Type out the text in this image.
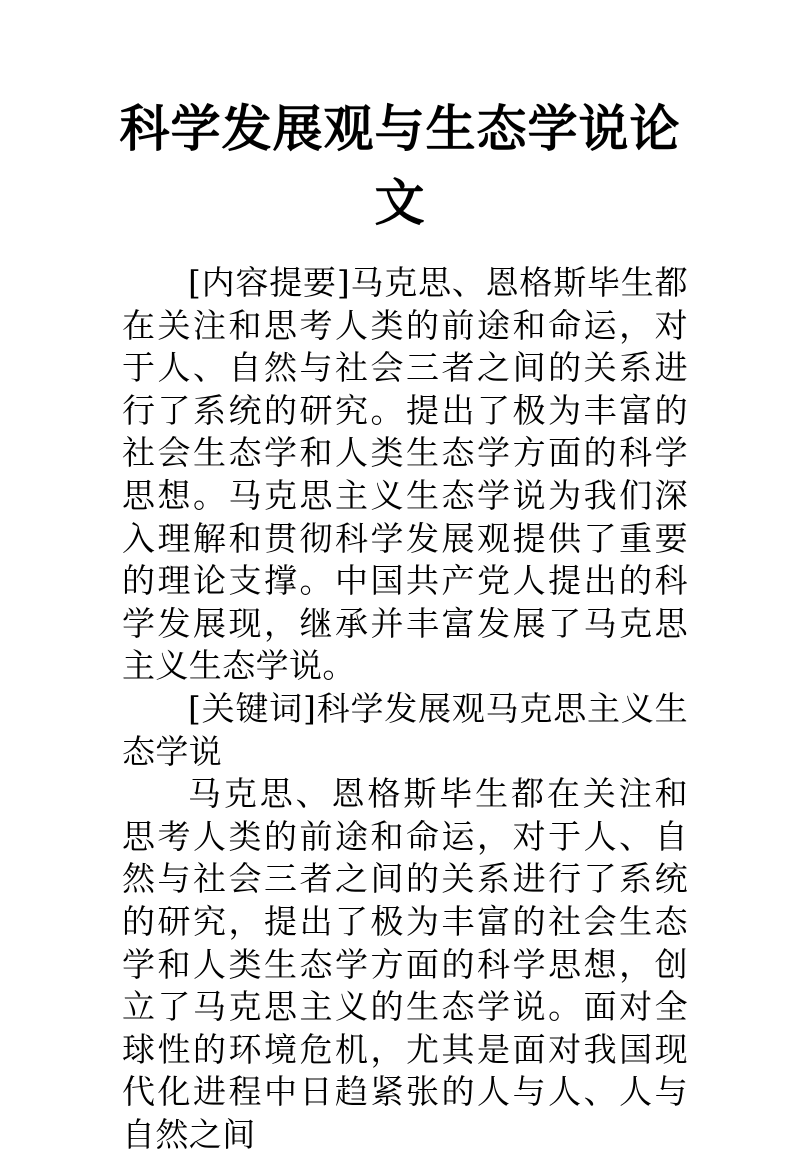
科学发展观与生态学说论文

[内容提要]马克思、恩格斯毕生都在关注和思考人类的前途和命运，对于人、自然与社会三者之间的关系进行了系统的研究。提出了极为丰富的社会生态学和人类生态学方面的科学思想。马克思主义生态学说为我们深入理解和贯彻科学发展观提供了重要的理论支撑。中国共产党人提出的科学发展现，继承并丰富发展了马克思主义生态学说。

[关键词]科学发展观马克思主义生态学说

马克思、恩格斯毕生都在关注和思考人类的前途和命运，对于人、自然与社会三者之间的关系进行了系统的研究，提出了极为丰富的社会生态学和人类生态学方面的科学思想，创立了马克思主义的生态学说。面对全球性的环境危机，尤其是面对我国现代化进程中日趋紧张的人与人、人与自然之间
